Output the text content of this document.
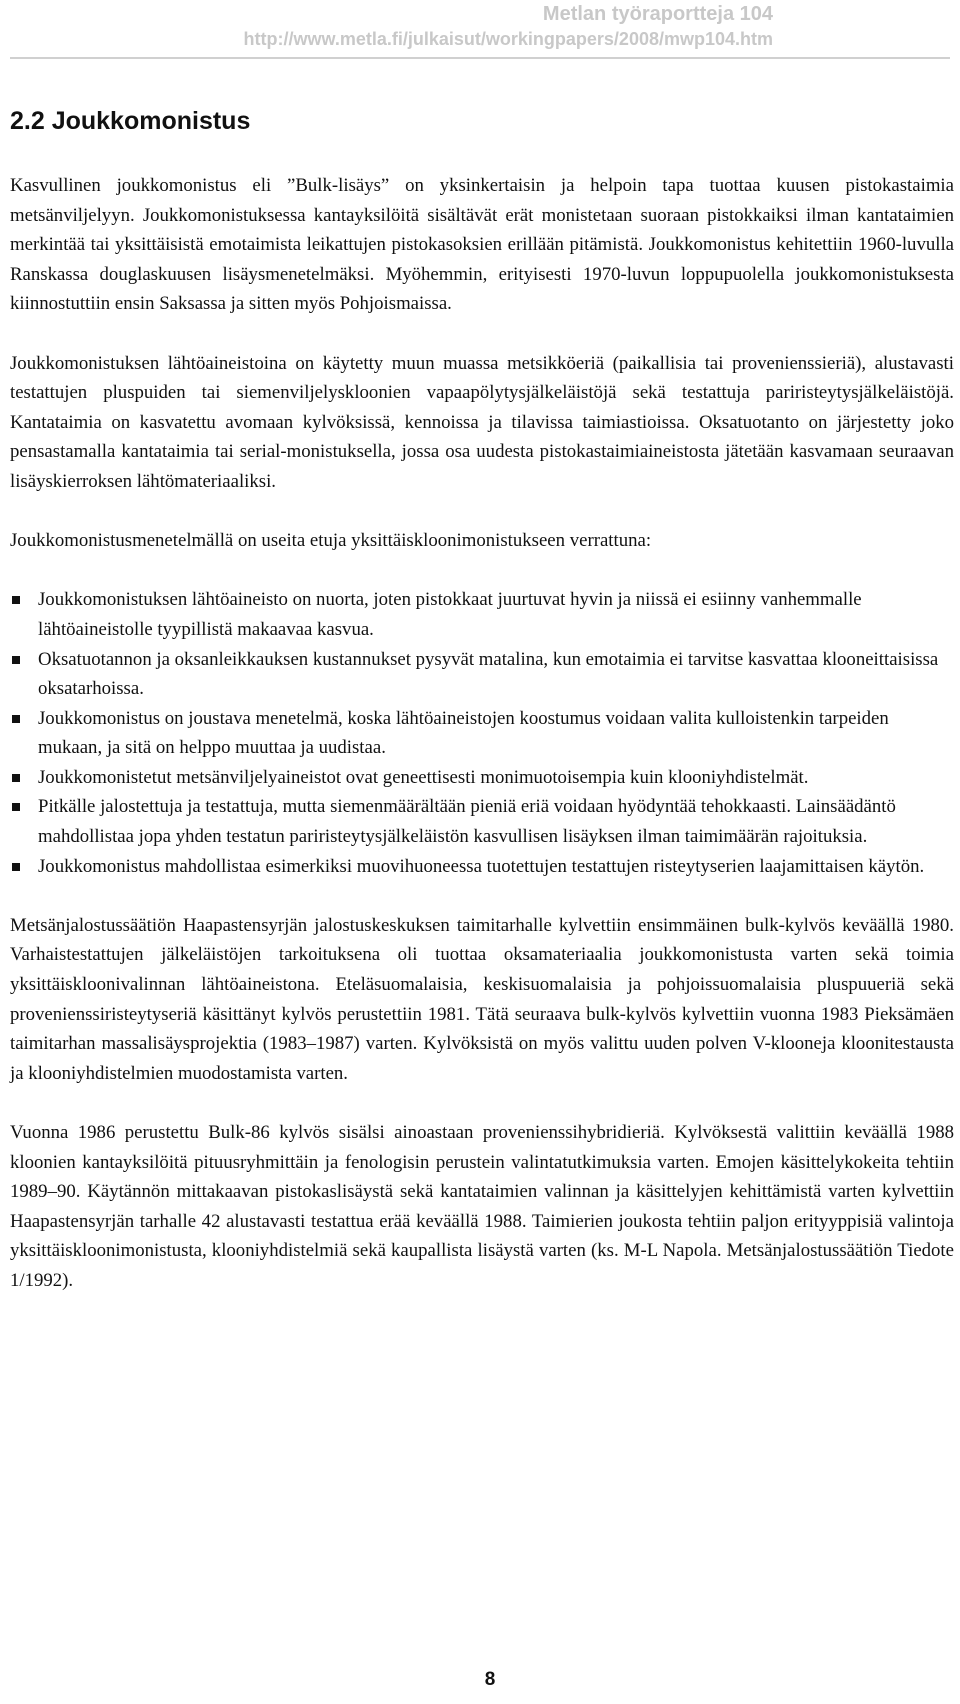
Metlan työraportteja 104
http://www.metla.fi/julkaisut/workingpapers/2008/mwp104.htm
2.2 Joukkomonistus

Kasvullinen joukkomonistus eli ”Bulk-lisäys” on yksinkertaisin ja helpoin tapa tuottaa kuusen pistokastaimia metsänviljelyyn. Joukkomonistuksessa kantayksilöitä sisältävät erät monistetaan suoraan pistokkaiksi ilman kantataimien merkintää tai yksittäisistä emotaimista leikattujen pistokasoksien erillään pitämistä. Joukkomonistus kehitettiin 1960-luvulla Ranskassa douglaskuusen lisäysmenetelmäksi. Myöhemmin, erityisesti 1970-luvun loppupuolella joukkomonistuksesta kiinnostuttiin ensin Saksassa ja sitten myös Pohjoismaissa.

Joukkomonistuksen lähtöaineistoina on käytetty muun muassa metsikköeriä (paikallisia tai provenienssieriä), alustavasti testattujen pluspuiden tai siemenviljelyskloonien vapaapölytysjälkeläistöjä sekä testattuja pariristeytysjälkeläistöjä. Kantataimia on kasvatettu avomaan kylvöksissä, kennoissa ja tilavissa taimiastioissa. Oksatuotanto on järjestetty joko pensastamalla kantataimia tai serial-monistuksella, jossa osa uudesta pistokastaimiaineistosta jätetään kasvamaan seuraavan lisäyskierroksen lähtömateriaaliksi.

Joukkomonistusmenetelmällä on useita etuja yksittäiskloonimonistukseen verrattuna:

Joukkomonistuksen lähtöaineisto on nuorta, joten pistokkaat juurtuvat hyvin ja niissä ei esiinny vanhemmalle lähtöaineistolle tyypillistä makaavaa kasvua.
Oksatuotannon ja oksanleikkauksen kustannukset pysyvät matalina, kun emotaimia ei tarvitse kasvattaa klooneittaisissa oksatarhoissa.
Joukkomonistus on joustava menetelmä, koska lähtöaineistojen koostumus voidaan valita kulloistenkin tarpeiden mukaan, ja sitä on helppo muuttaa ja uudistaa.
Joukkomonistetut metsänviljelyaineistot ovat geneettisesti monimuotoisempia kuin klooniyhdistelmät.
Pitkälle jalostettuja ja testattuja, mutta siemenmäärältään pieniä eriä voidaan hyödyntää tehokkaasti. Lainsäädäntö mahdollistaa jopa yhden testatun pariristeytysjälkeläistön kasvullisen lisäyksen ilman taimimäärän rajoituksia.
Joukkomonistus mahdollistaa esimerkiksi muovihuoneessa tuotettujen testattujen risteytyserien laajamittaisen käytön.

Metsänjalostussäätiön Haapastensyrjän jalostuskeskuksen taimitarhalle kylvettiin ensimmäinen bulk-kylvös keväällä 1980. Varhaistestattujen jälkeläistöjen tarkoituksena oli tuottaa oksamateriaalia joukkomonistusta varten sekä toimia yksittäiskloonivalinnan lähtöaineistona. Eteläsuomalaisia, keskisuomalaisia ja pohjoissuomalaisia pluspuueriä sekä provenienssiristeytyseriä käsittänyt kylvös perustettiin 1981. Tätä seuraava bulk-kylvös kylvettiin vuonna 1983 Pieksämäen taimitarhan massalisäysprojektia (1983–1987) varten. Kylvöksistä on myös valittu uuden polven V-klooneja kloonitestausta ja klooniyhdistelmien muodostamista varten.

Vuonna 1986 perustettu Bulk-86 kylvös sisälsi ainoastaan provenienssihybridieriä. Kylvöksestä valittiin keväällä 1988 kloonien kantayksilöitä pituusryhmittäin ja fenologisin perustein valintatutkimuksia varten. Emojen käsittelykokeita tehtiin 1989–90. Käytännön mittakaavan pistokaslisäystä sekä kantataimien valinnan ja käsittelyjen kehittämistä varten kylvettiin Haapastensyrjän tarhalle 42 alustavasti testattua erää keväällä 1988. Taimierien joukosta tehtiin paljon erityyppisiä valintoja yksittäiskloonimonistusta, klooniyhdistelmiä sekä kaupallista lisäystä varten (ks. M-L Napola. Metsänjalostussäätiön Tiedote 1/1992).

8
